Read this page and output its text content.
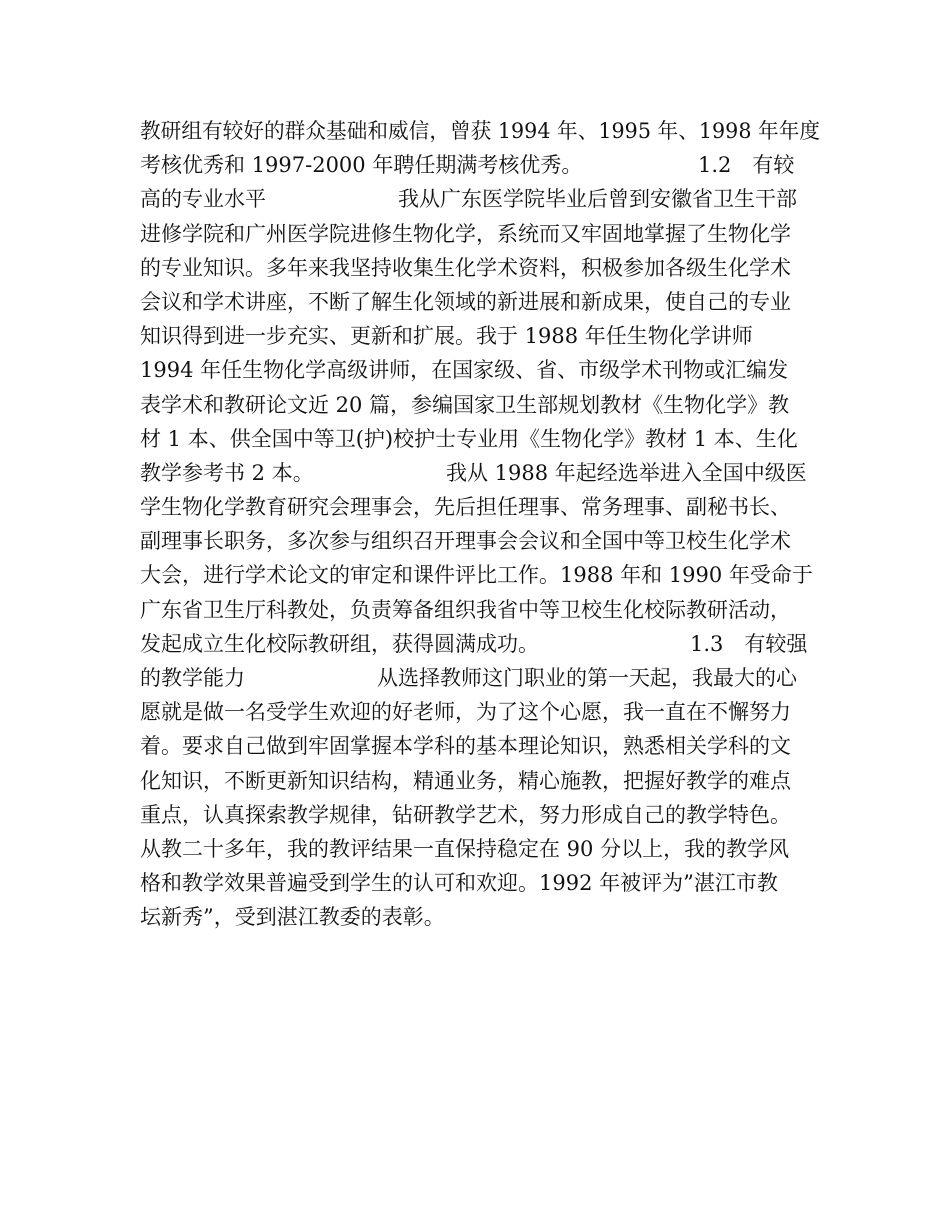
教研组有较好的群众基础和威信，曾获 1994 年、1995 年、1998 年年度

考核优秀和 1997-2000 年聘任期满考核优秀。

	1.2　有较

高的专业水平

	我从广东医学院毕业后曾到安徽省卫生干部

进修学院和广州医学院进修生物化学，系统而又牢固地掌握了生物化学

的专业知识。多年来我坚持收集生化学术资料，积极参加各级生化学术

会议和学术讲座，不断了解生化领域的新进展和新成果，使自己的专业

知识得到进一步充实、更新和扩展。我于 1988 年任生物化学讲师

1994 年任生物化学高级讲师，在国家级、省、市级学术刊物或汇编发

表学术和教研论文近 20 篇，参编国家卫生部规划教材《生物化学》教

材 1 本、供全国中等卫(护)校护士专业用《生物化学》教材 1 本、生化

教学参考书 2 本。

	我从 1988 年起经选举进入全国中级医

学生物化学教育研究会理事会，先后担任理事、常务理事、副秘书长、

副理事长职务，多次参与组织召开理事会会议和全国中等卫校生化学术

大会，进行学术论文的审定和课件评比工作。1988 年和 1990 年受命于

广东省卫生厅科教处，负责筹备组织我省中等卫校生化校际教研活动，

发起成立生化校际教研组，获得圆满成功。

	1.3　有较强

的教学能力

	从选择教师这门职业的第一天起，我最大的心

愿就是做一名受学生欢迎的好老师，为了这个心愿，我一直在不懈努力

着。要求自己做到牢固掌握本学科的基本理论知识，熟悉相关学科的文

化知识，不断更新知识结构，精通业务，精心施教，把握好教学的难点

重点，认真探索教学规律，钻研教学艺术，努力形成自己的教学特色。

从教二十多年，我的教评结果一直保持稳定在 90 分以上，我的教学风

格和教学效果普遍受到学生的认可和欢迎。1992 年被评为”湛江市教

坛新秀”，受到湛江教委的表彰。
